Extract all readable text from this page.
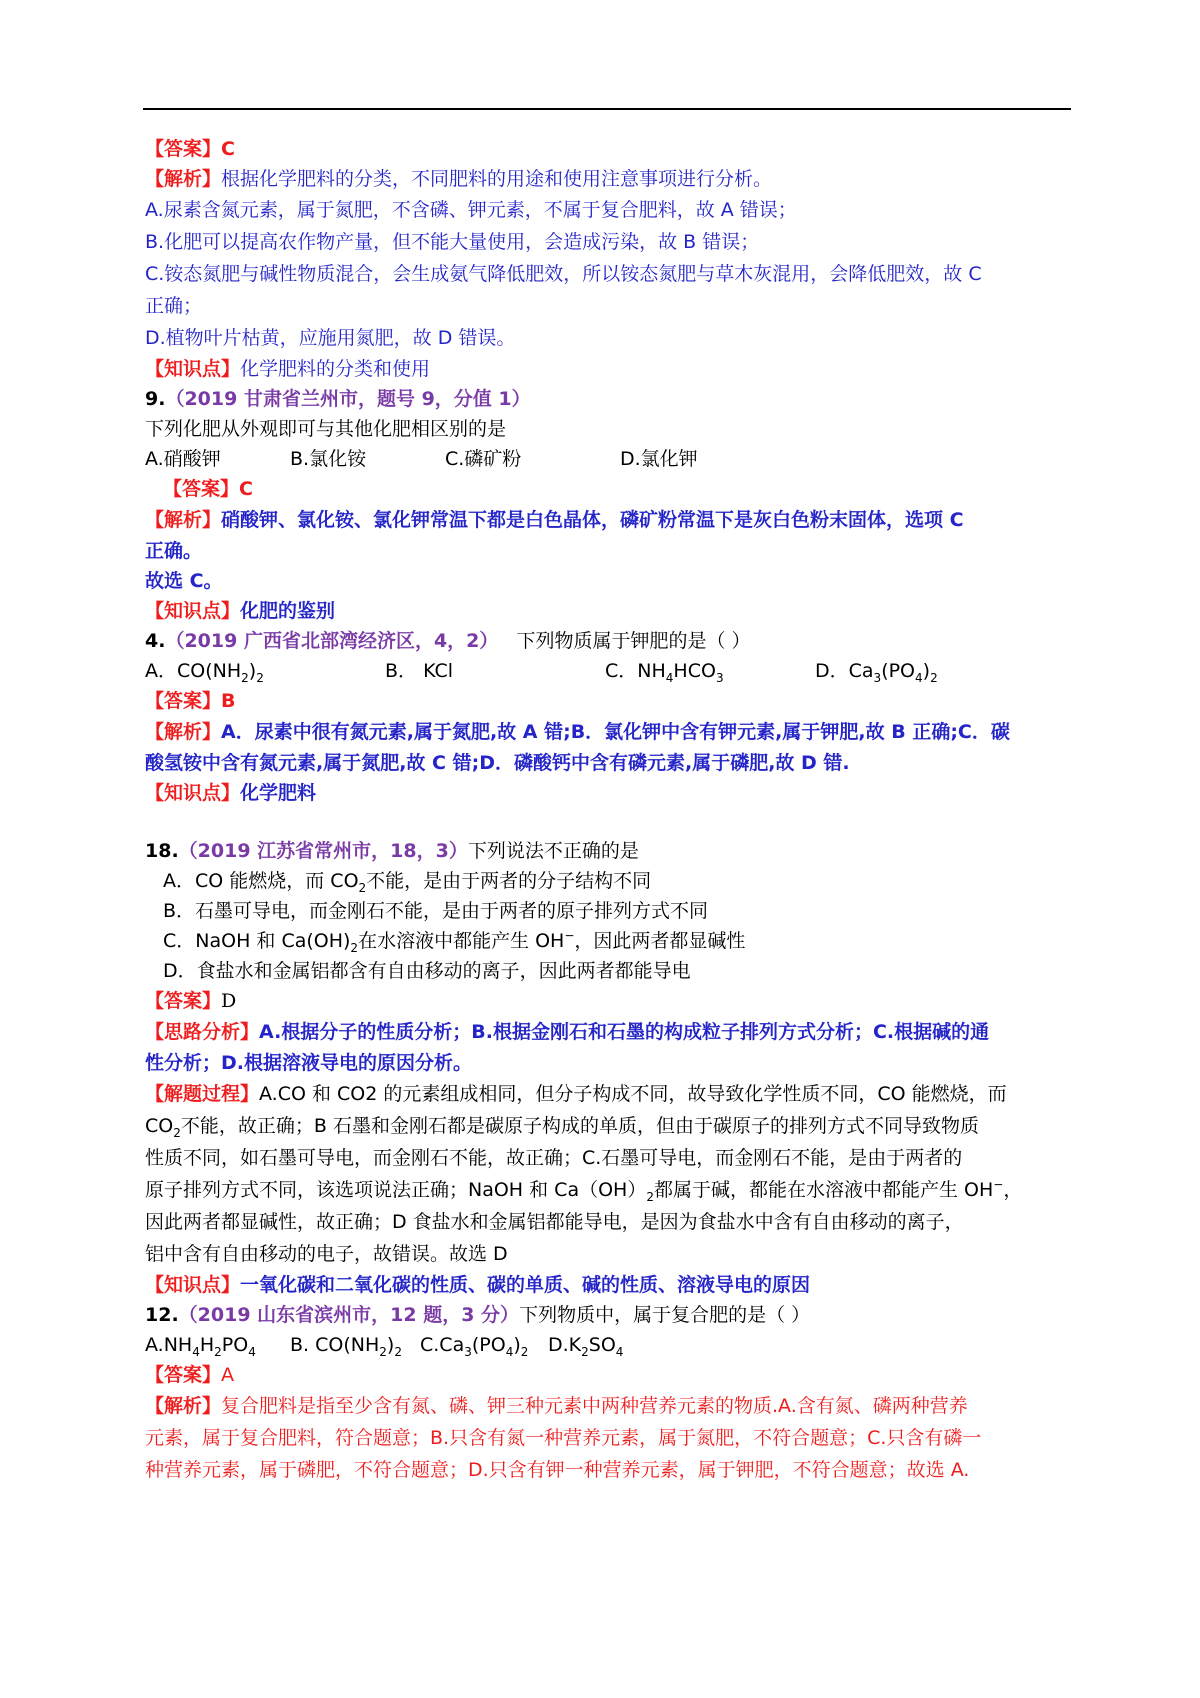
【答案】C
【解析】根据化学肥料的分类，不同肥料的用途和使用注意事项进行分析。
A.尿素含氮元素，属于氮肥，不含磷、钾元素，不属于复合肥料，故 A 错误；
B.化肥可以提高农作物产量，但不能大量使用，会造成污染，故 B 错误；
C.铵态氮肥与碱性物质混合，会生成氨气降低肥效，所以铵态氮肥与草木灰混用，会降低肥效，故 C
正确；
D.植物叶片枯黄，应施用氮肥，故 D 错误。
【知识点】化学肥料的分类和使用
9.（2019 甘肃省兰州市，题号 9，分值 1）
下列化肥从外观即可与其他化肥相区别的是
A.硝酸钾	B.氯化铵	C.磷矿粉	D.氯化钾
【答案】C
【解析】硝酸钾、氯化铵、氯化钾常温下都是白色晶体，磷矿粉常温下是灰白色粉末固体，选项 C
正确。
故选 C。
【知识点】化肥的鉴别
4.（2019 广西省北部湾经济区，4，2） 下列物质属于钾肥的是（ ）
A．$CO(NH_2)_2$	B． KCl	C．$NH_4HCO_3$	D．$Ca_3(PO_4)_2$
【答案】B
【解析】A．尿素中很有氮元素,属于氮肥,故 A 错;B．氯化钾中含有钾元素,属于钾肥,故 B 正确;C．碳
酸氢铵中含有氮元素,属于氮肥,故 C 错;D．磷酸钙中含有磷元素,属于磷肥,故 D 错.
【知识点】化学肥料
18.（2019 江苏省常州市，18，3）下列说法不正确的是
A．CO 能燃烧，而 $CO_2$不能，是由于两者的分子结构不同
B．石墨可导电，而金刚石不能，是由于两者的原子排列方式不同
C．NaOH 和 $Ca(OH)_2$在水溶液中都能产生 OH−，因此两者都显碱性
D．食盐水和金属铝都含有自由移动的离子，因此两者都能导电
【答案】D
【思路分析】A.根据分子的性质分析；B.根据金刚石和石墨的构成粒子排列方式分析；C.根据碱的通
性分析；D.根据溶液导电的原因分析。
【解题过程】A.CO 和 CO2 的元素组成相同，但分子构成不同，故导致化学性质不同，CO 能燃烧，而
$CO_2$不能，故正确；B 石墨和金刚石都是碳原子构成的单质，但由于碳原子的排列方式不同导致物质
性质不同，如石墨可导电，而金刚石不能，故正确；C.石墨可导电，而金刚石不能，是由于两者的
原子排列方式不同，该选项说法正确；NaOH 和 $Ca(OH)_2$都属于碱，都能在水溶液中都能产生 OH−，
因此两者都显碱性，故正确；D 食盐水和金属铝都能导电，是因为食盐水中含有自由移动的离子，
铝中含有自由移动的电子，故错误。故选 D
【知识点】一氧化碳和二氧化碳的性质、碳的单质、碱的性质、溶液导电的原因
12.（2019 山东省滨州市，12 题，3 分）下列物质中，属于复合肥的是（ ）
$A.NH_4H_2PO_4$ B. $CO(NH_2)_2$ $C.Ca_3(PO_4)_2$ $D.K_2SO_4$
【答案】A
【解析】复合肥料是指至少含有氮、磷、钾三种元素中两种营养元素的物质.A.含有氮、磷两种营养
元素，属于复合肥料，符合题意；B.只含有氮一种营养元素，属于氮肥，不符合题意；C.只含有磷一
种营养元素，属于磷肥，不符合题意；D.只含有钾一种营养元素，属于钾肥，不符合题意；故选 A.
